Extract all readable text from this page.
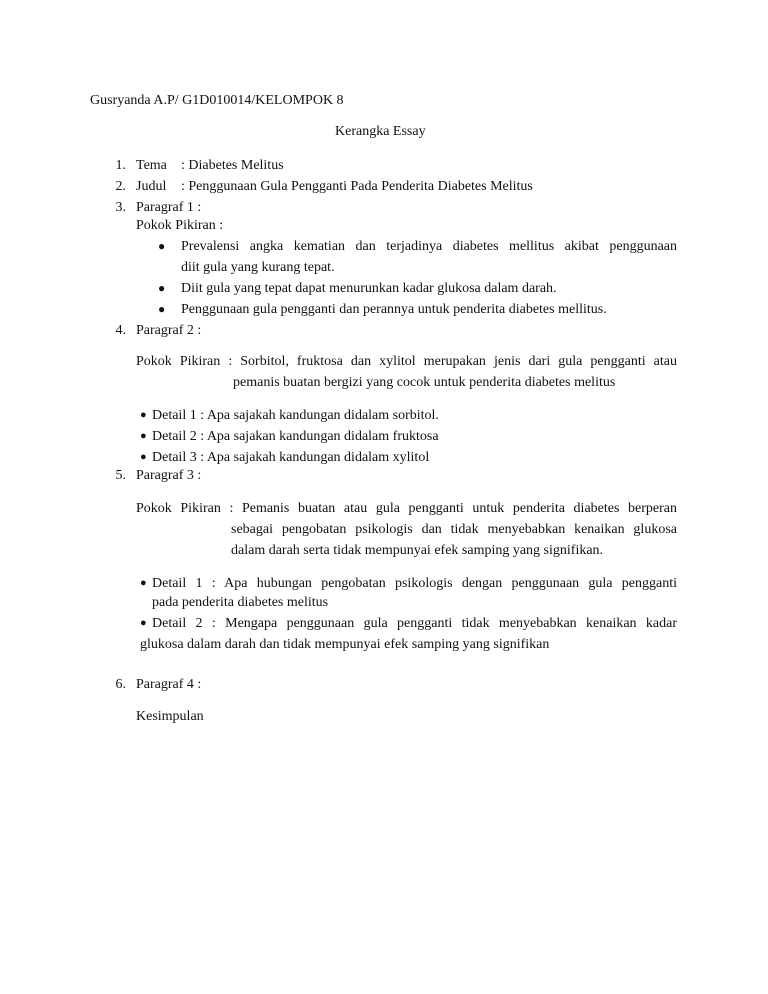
Gusryanda A.P/ G1D010014/KELOMPOK 8
Kerangka Essay
1. Tema : Diabetes Melitus
2. Judul : Penggunaan Gula Pengganti Pada Penderita Diabetes Melitus
3. Paragraf 1 :
Pokok Pikiran :
● Prevalensi angka kematian dan terjadinya diabetes mellitus akibat penggunaan
diit gula yang kurang tepat.
● Diit gula yang tepat dapat menurunkan kadar glukosa dalam darah.
● Penggunaan gula pengganti dan perannya untuk penderita diabetes mellitus.
4. Paragraf 2 :
Pokok Pikiran : Sorbitol, fruktosa dan xylitol merupakan jenis dari gula pengganti atau
pemanis buatan bergizi yang cocok untuk penderita diabetes melitus
● Detail 1 : Apa sajakah kandungan didalam sorbitol.
● Detail 2 : Apa sajakan kandungan didalam fruktosa
● Detail 3 : Apa sajakah kandungan didalam xylitol
5. Paragraf 3 :
Pokok Pikiran : Pemanis buatan atau gula pengganti untuk penderita diabetes berperan
sebagai pengobatan psikologis dan tidak menyebabkan kenaikan glukosa
dalam darah serta tidak mempunyai efek samping yang signifikan.
● Detail 1 : Apa hubungan pengobatan psikologis dengan penggunaan gula pengganti
pada penderita diabetes melitus
● Detail 2 : Mengapa penggunaan gula pengganti tidak menyebabkan kenaikan kadar
glukosa dalam darah dan tidak mempunyai efek samping yang signifikan
6. Paragraf 4 :
Kesimpulan
